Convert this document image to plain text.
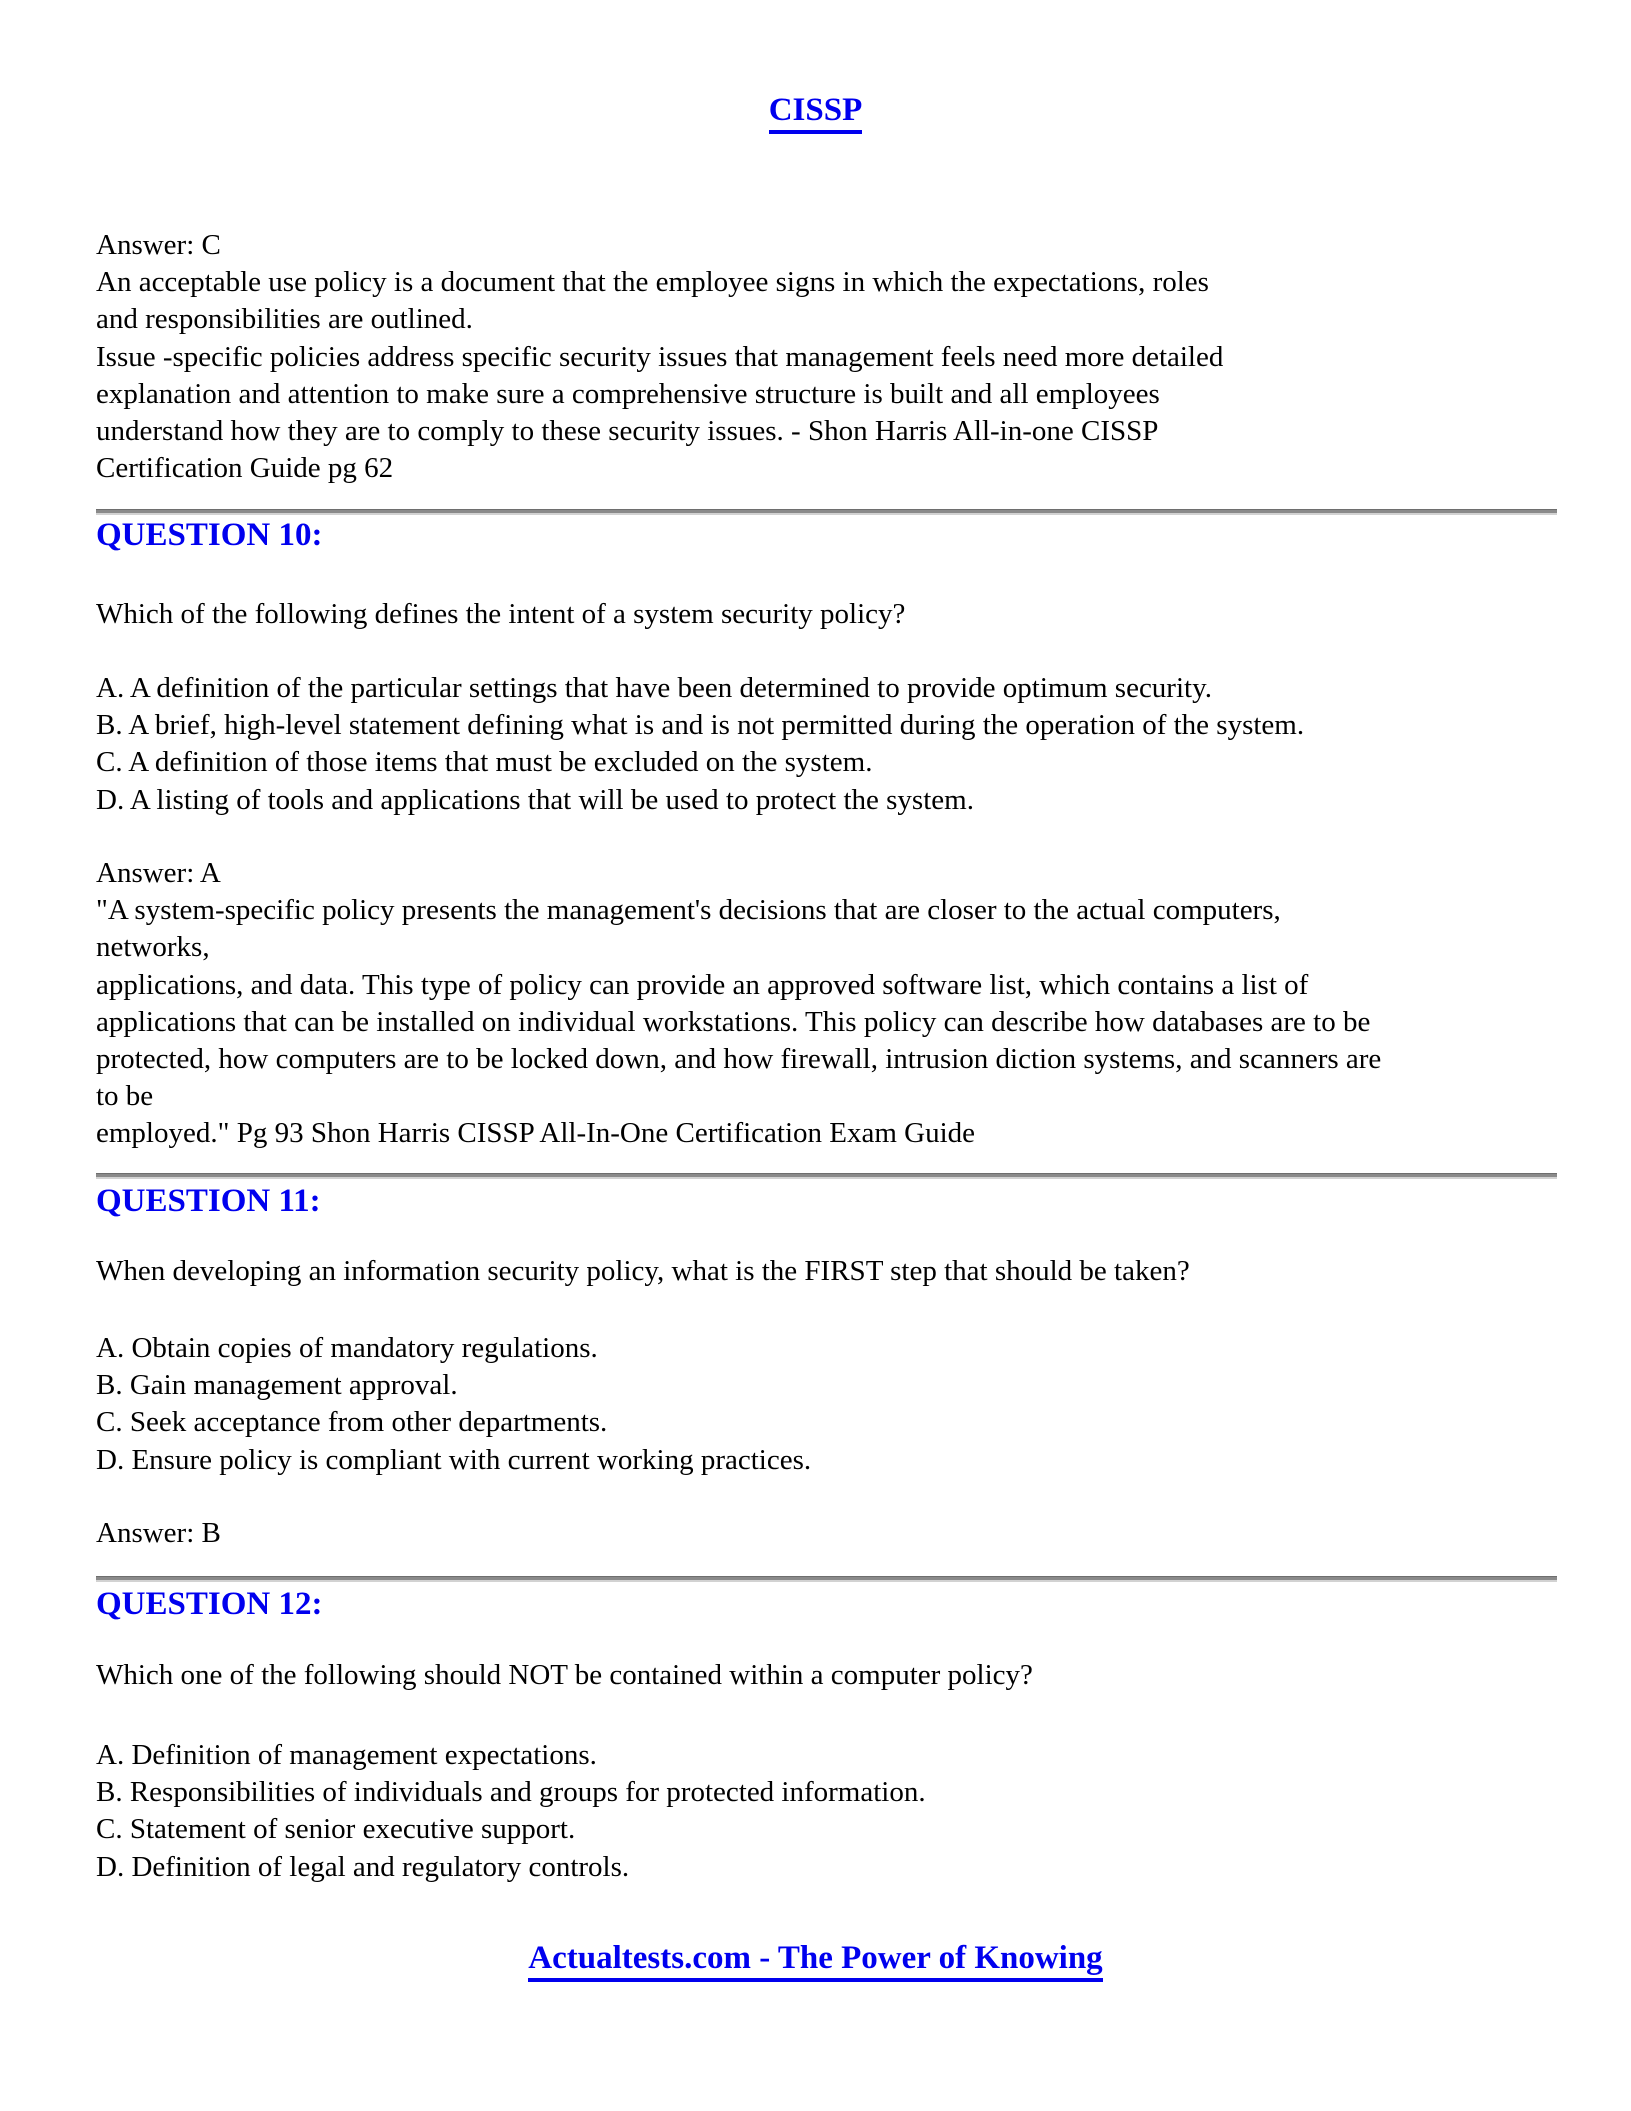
CISSP
Answer: C
An acceptable use policy is a document that the employee signs in which the expectations, roles
and responsibilities are outlined.
Issue -specific policies address specific security issues that management feels need more detailed
explanation and attention to make sure a comprehensive structure is built and all employees
understand how they are to comply to these security issues. - Shon Harris All-in-one CISSP
Certification Guide pg 62
QUESTION 10:
Which of the following defines the intent of a system security policy?
A. A definition of the particular settings that have been determined to provide optimum security.
B. A brief, high-level statement defining what is and is not permitted during the operation of the system.
C. A definition of those items that must be excluded on the system.
D. A listing of tools and applications that will be used to protect the system.
Answer: A
"A system-specific policy presents the management's decisions that are closer to the actual computers,
networks,
applications, and data. This type of policy can provide an approved software list, which contains a list of
applications that can be installed on individual workstations. This policy can describe how databases are to be
protected, how computers are to be locked down, and how firewall, intrusion diction systems, and scanners are
to be
employed." Pg 93 Shon Harris CISSP All-In-One Certification Exam Guide
QUESTION 11:
When developing an information security policy, what is the FIRST step that should be taken?
A. Obtain copies of mandatory regulations.
B. Gain management approval.
C. Seek acceptance from other departments.
D. Ensure policy is compliant with current working practices.
Answer: B
QUESTION 12:
Which one of the following should NOT be contained within a computer policy?
A. Definition of management expectations.
B. Responsibilities of individuals and groups for protected information.
C. Statement of senior executive support.
D. Definition of legal and regulatory controls.
Actualtests.com - The Power of Knowing
